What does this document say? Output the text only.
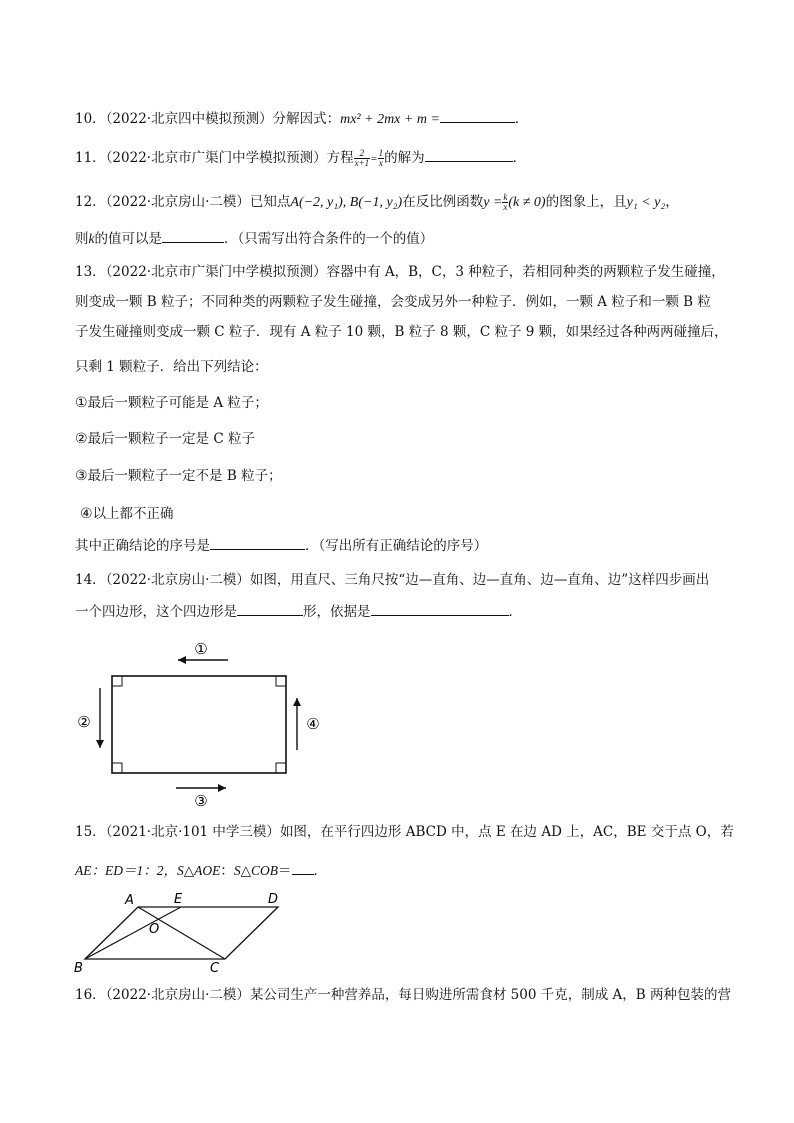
10．（2022·北京四中模拟预测）分解因式：mx² + 2mx + m =	．
11．（2022·北京市广渠门中学模拟预测）方程 $\frac{2}{x+1} = \frac{1}{x}$ 的解为	．
12．（2022·北京房山·二模）已知点A(−2, y₁), B(−1, y₂)在反比例函数$y = \frac{k}{x} (k \ne 0)$的图象上，且y₁ < y₂，
则k的值可以是	．（只需写出符合条件的一个的值）
13．（2022·北京市广渠门中学模拟预测）容器中有 A，B，C，3 种粒子，若相同种类的两颗粒子发生碰撞，
则变成一颗 B 粒子；不同种类的两颗粒子发生碰撞，会变成另外一种粒子．例如，一颗 A 粒子和一颗 B 粒
子发生碰撞则变成一颗 C 粒子．现有 A 粒子 10 颗，B 粒子 8 颗，C 粒子 9 颗，如果经过各种两两碰撞后，
只剩 1 颗粒子．给出下列结论：
①最后一颗粒子可能是 A 粒子；
②最后一颗粒子一定是 C 粒子
③最后一颗粒子一定不是 B 粒子；
④以上都不正确
其中正确结论的序号是	．（写出所有正确结论的序号）
14．（2022·北京房山·二模）如图，用直尺、三角尺按“边—直角、边—直角、边—直角、边”这样四步画出
一个四边形，这个四边形是	形，依据是	．
①
②
③
④
15．（2021·北京·101 中学三模）如图，在平行四边形 ABCD 中，点 E 在边 AD 上，AC，BE 交于点 O，若
AE：ED＝1：2，S△AOE：S△COB＝ ．
A	E	D
O
B	C
16．（2022·北京房山·二模）某公司生产一种营养品，每日购进所需食材 500 千克，制成 A，B 两种包装的营
